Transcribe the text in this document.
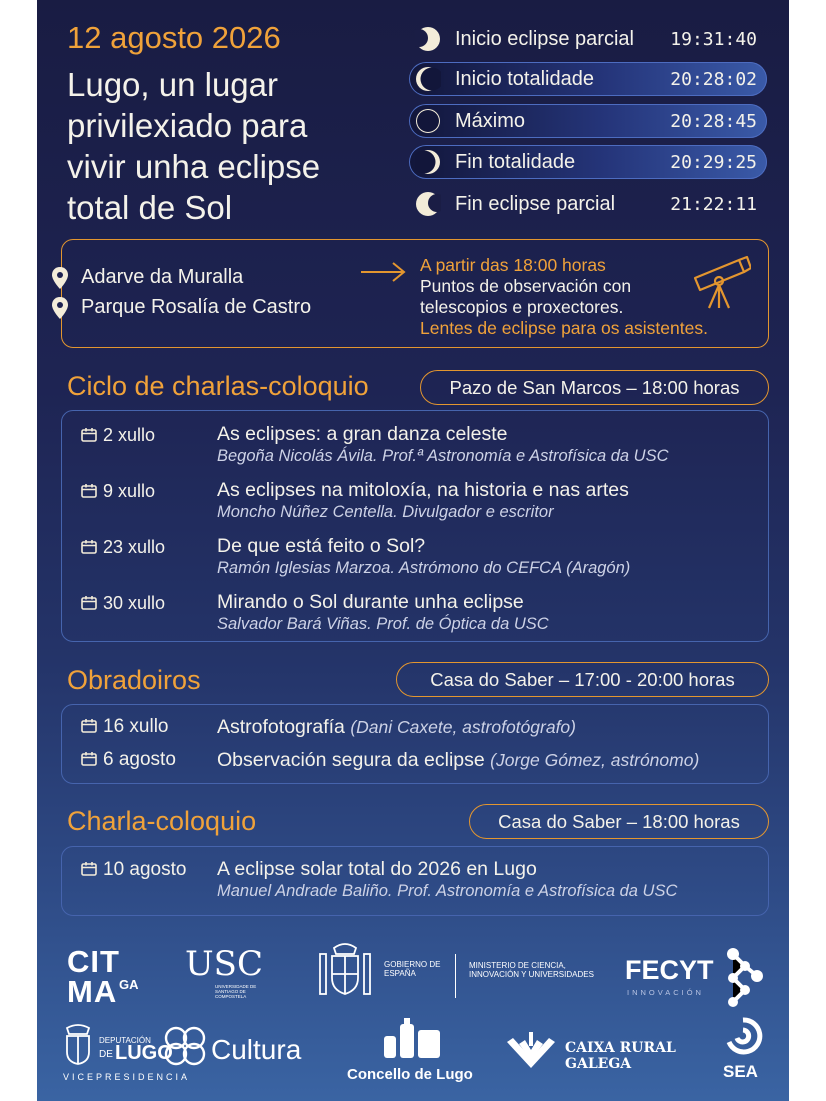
12 agosto 2026
Lugo, un lugar
privilexiado para
vivir unha eclipse
total de Sol
Inicio eclipse parcial 19:31:40
Inicio totalidade	20:28:02
Máximo	20:28:45
Fin totalidade	20:29:25
Fin eclipse parcial	21:22:11
Adarve da Muralla
Parque Rosalía de Castro
A partir das 18:00 horas
Puntos de observación con
telescopios e proxectores.
Lentes de eclipse para os asistentes.
Ciclo de charlas-coloquio	Pazo de San Marcos – 18:00 horas
2 xullo	As eclipses: a gran danza celeste
Begoña Nicolás Ávila. Prof.ª Astronomía e Astrofísica da USC
9 xullo	As eclipses na mitoloxía, na historia e nas artes
Moncho Núñez Centella. Divulgador e escritor
23 xullo	De que está feito o Sol?
Ramón Iglesias Marzoa. Astrómono do CEFCA (Aragón)
30 xullo	Mirando o Sol durante unha eclipse
Salvador Bará Viñas. Prof. de Óptica da USC
Obradoiros	Casa do Saber – 17:00 - 20:00 horas
16 xullo Astrofotografía (Dani Caxete, astrofotógrafo)
6 agosto Observación segura da eclipse (Jorge Gómez, astrónomo)
Charla-coloquio	Casa do Saber – 18:00 horas
10 agosto A eclipse solar total do 2026 en Lugo
Manuel Andrade Baliño. Prof. Astronomía e Astrofísica da USC
CIT
MA GA
USC
UNIVERSIDADE DE SANTIAGO DE COMPOSTELA
GOBIERNO DE ESPAÑA
MINISTERIO DE CIENCIA, INNOVACIÓN Y UNIVERSIDADES FECYT
INNOVACIÓN
DEPUTACIÓN
DE LUGO Cultura
VICEPRESIDENCIA	Concello de Lugo
CAIXA RURAL
GALEGA	SEA
